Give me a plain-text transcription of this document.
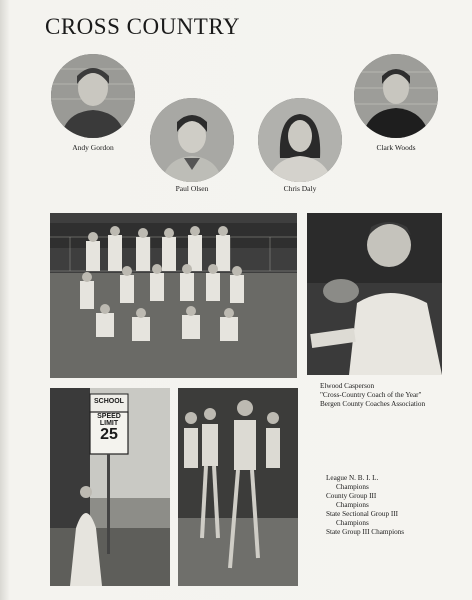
CROSS COUNTRY
Andy Gordon
Paul Olsen	Chris Daly
Clark Woods
SCHOOL
SPEED
LIMIT
25
Elwood Casperson
"Cross-Country Coach of the Year"
Bergen County Coaches Association
League N. B. I. L.
Champions
County Group III
Champions
State Sectional Group III
Champions
State Group III Champions
